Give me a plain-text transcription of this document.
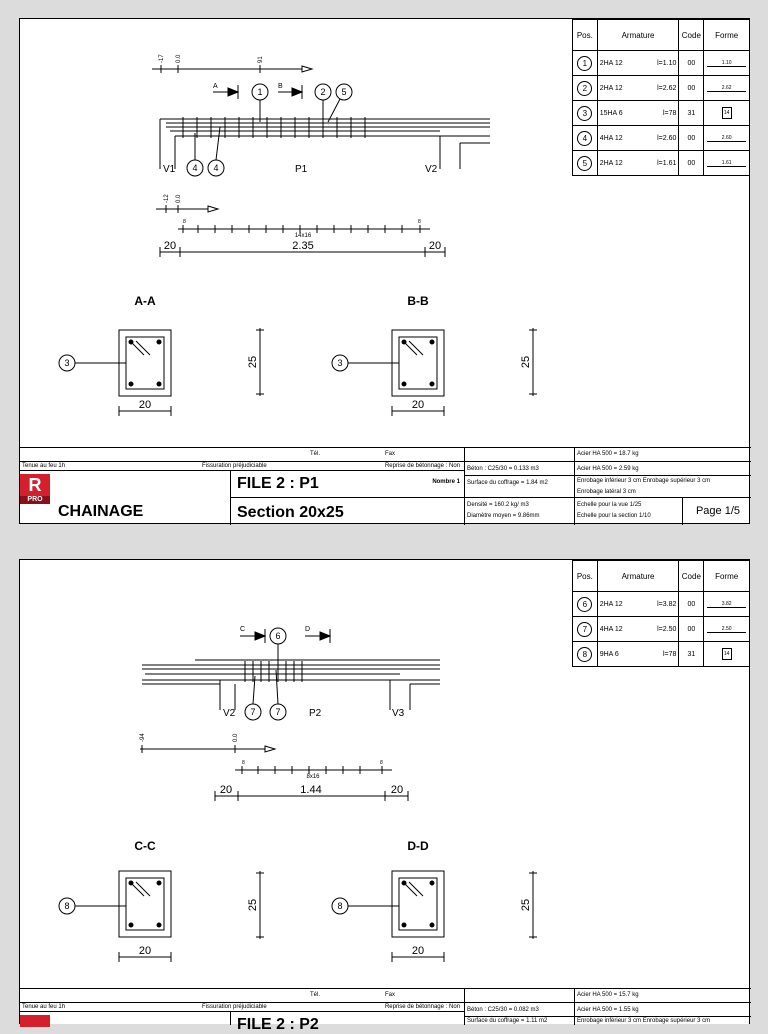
Pos.	Armature	Code	Forme
1	2HA 12 l=1.10	00	1.10

2	2HA 12 l=2.62	00	2.62

3	15HA 6 l=78	31	14
4	4HA 12 l=2.60	00	2.60

5	2HA 12 l=1.61	00	1.61
-17 0.0	91
A	B
1	2 5
4 4
V1	P1	V2
-12 0.0
8	8
14x16
20	2.35	20
A-A
3
20
25
B-B
3
20
25
Tél.	Fax	Acier HA 500 = 18.7 kg
Tenue au feu 1h	Fissuration préjudiciable	Reprise de bétonnage : Non	Béton : C25/30 = 0.133 m3	Acier HA 500 = 2.59 kg
R
PRO
CHAINAGE
FILE 2 : P1	Nombre 1
Section 20x25
Surface du coffrage = 1.84 m2	Enrobage inférieur 3 cm Enrobage supérieur 3 cm
Enrobage latéral 3 cm
Densité = 160.2 kg/ m3
Diamètre moyen = 9.86mm
Echelle pour la vue 1/25
Echelle pour la section 1/10	Page 1/5
Pos.	Armature	Code	Forme
6	2HA 12 l=3.82	00	3.82

7	4HA 12 l=2.50	00	2.50

8	9HA 6 l=78	31	14
-94	0.0
C	D
6
7 7
V2	P2	V3
8	8
8x16
20	1.44	20
C-C
8
20
25
D-D
8
20
25
Tél.	Fax	Acier HA 500 = 15.7 kg
Tenue au feu 1h	Fissuration préjudiciable	Reprise de bétonnage : Non	Béton : C25/30 = 0.082 m3	Acier HA 500 = 1.55 kg
FILE 2 : P2	Surface du coffrage = 1.11 m2	Enrobage inférieur 3 cm Enrobage supérieur 3 cm
